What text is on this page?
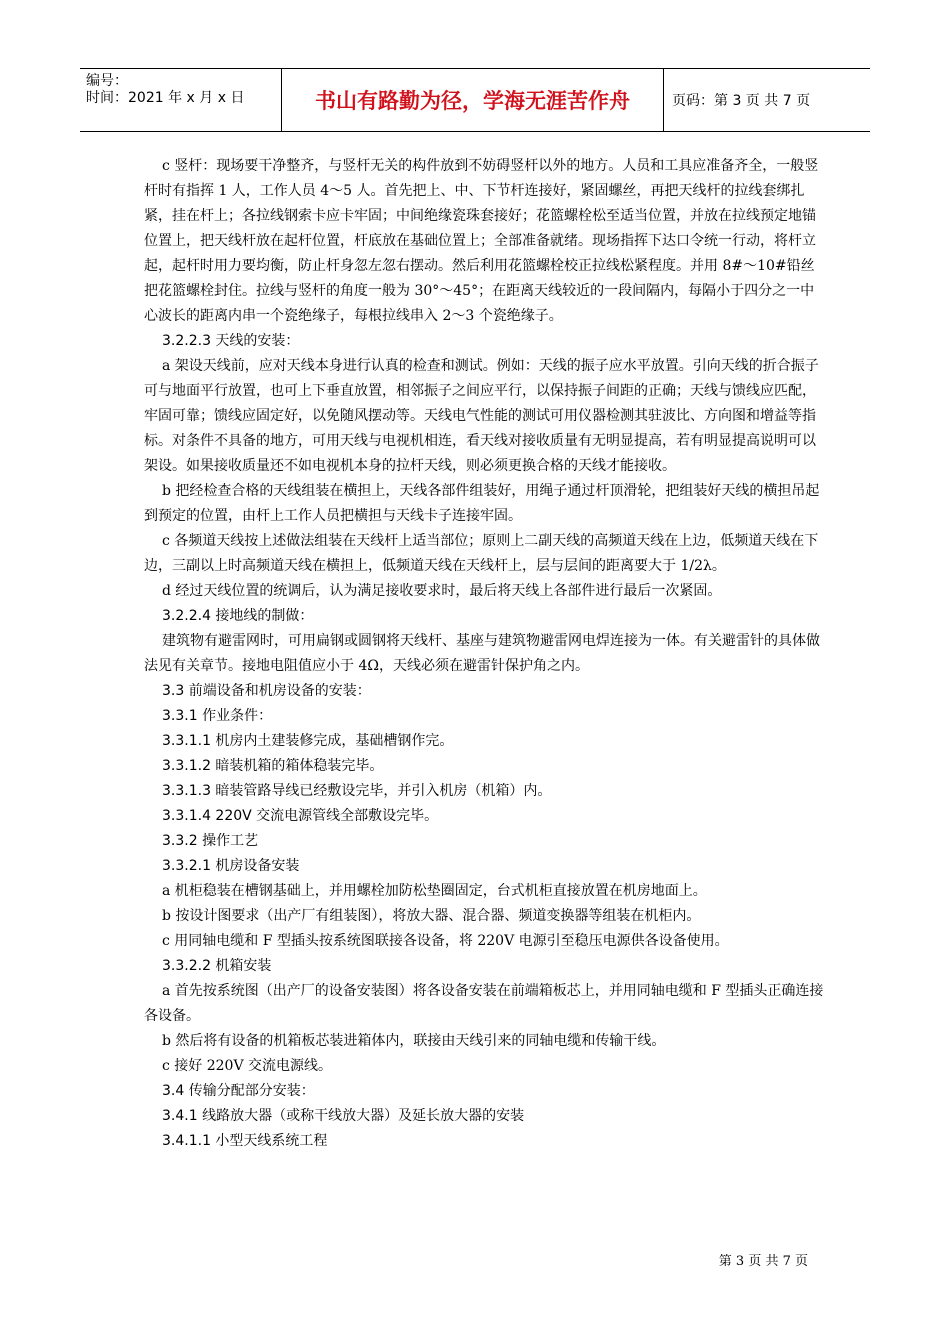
编号：
时间：2021 年 x 月 x 日	书山有路勤为径，学海无涯苦作舟	页码：第 3 页 共 7 页

c 竖杆：现场要干净整齐，与竖杆无关的构件放到不妨碍竖杆以外的地方。人员和工具应准备齐全，一般竖杆时有指挥 1 人，工作人员 4～5 人。首先把上、中、下节杆连接好，紧固螺丝，再把天线杆的拉线套绑扎紧，挂在杆上；各拉线钢索卡应卡牢固；中间绝缘瓷珠套接好；花篮螺栓松至适当位置，并放在拉线预定地锚位置上，把天线杆放在起杆位置，杆底放在基础位置上；全部准备就绪。现场指挥下达口令统一行动，将杆立起，起杆时用力要均衡，防止杆身忽左忽右摆动。然后利用花篮螺栓校正拉线松紧程度。并用 8#～10#铅丝把花篮螺栓封住。拉线与竖杆的角度一般为 30°～45°；在距离天线较近的一段间隔内，每隔小于四分之一中心波长的距离内串一个瓷绝缘子，每根拉线串入 2～3 个瓷绝缘子。

3.2.2.3 天线的安装：

a 架设天线前，应对天线本身进行认真的检查和测试。例如：天线的振子应水平放置。引向天线的折合振子可与地面平行放置，也可上下垂直放置，相邻振子之间应平行，以保持振子间距的正确；天线与馈线应匹配，牢固可靠；馈线应固定好，以免随风摆动等。天线电气性能的测试可用仪器检测其驻波比、方向图和增益等指标。对条件不具备的地方，可用天线与电视机相连，看天线对接收质量有无明显提高，若有明显提高说明可以架设。如果接收质量还不如电视机本身的拉杆天线，则必须更换合格的天线才能接收。

b 把经检查合格的天线组装在横担上，天线各部件组装好，用绳子通过杆顶滑轮，把组装好天线的横担吊起到预定的位置，由杆上工作人员把横担与天线卡子连接牢固。

c 各频道天线按上述做法组装在天线杆上适当部位；原则上二副天线的高频道天线在上边，低频道天线在下边，三副以上时高频道天线在横担上，低频道天线在天线杆上，层与层间的距离要大于 1/2λ。

d 经过天线位置的统调后，认为满足接收要求时，最后将天线上各部件进行最后一次紧固。

3.2.2.4 接地线的制做：

建筑物有避雷网时，可用扁钢或圆钢将天线杆、基座与建筑物避雷网电焊连接为一体。有关避雷针的具体做法见有关章节。接地电阻值应小于 4Ω，天线必须在避雷针保护角之内。

3.3 前端设备和机房设备的安装：

3.3.1 作业条件：

3.3.1.1 机房内土建装修完成，基础槽钢作完。

3.3.1.2 暗装机箱的箱体稳装完毕。

3.3.1.3 暗装管路导线已经敷设完毕，并引入机房（机箱）内。

3.3.1.4 220V 交流电源管线全部敷设完毕。

3.3.2 操作工艺

3.3.2.1 机房设备安装

a 机柜稳装在槽钢基础上，并用螺栓加防松垫圈固定，台式机柜直接放置在机房地面上。

b 按设计图要求（出产厂有组装图），将放大器、混合器、频道变换器等组装在机柜内。

c 用同轴电缆和 F 型插头按系统图联接各设备，将 220V 电源引至稳压电源供各设备使用。

3.3.2.2 机箱安装

a 首先按系统图（出产厂的设备安装图）将各设备安装在前端箱板芯上，并用同轴电缆和 F 型插头正确连接各设备。

b 然后将有设备的机箱板芯装进箱体内，联接由天线引来的同轴电缆和传输干线。

c 接好 220V 交流电源线。

3.4 传输分配部分安装：

3.4.1 线路放大器（或称干线放大器）及延长放大器的安装

3.4.1.1 小型天线系统工程

第 3 页 共 7 页
